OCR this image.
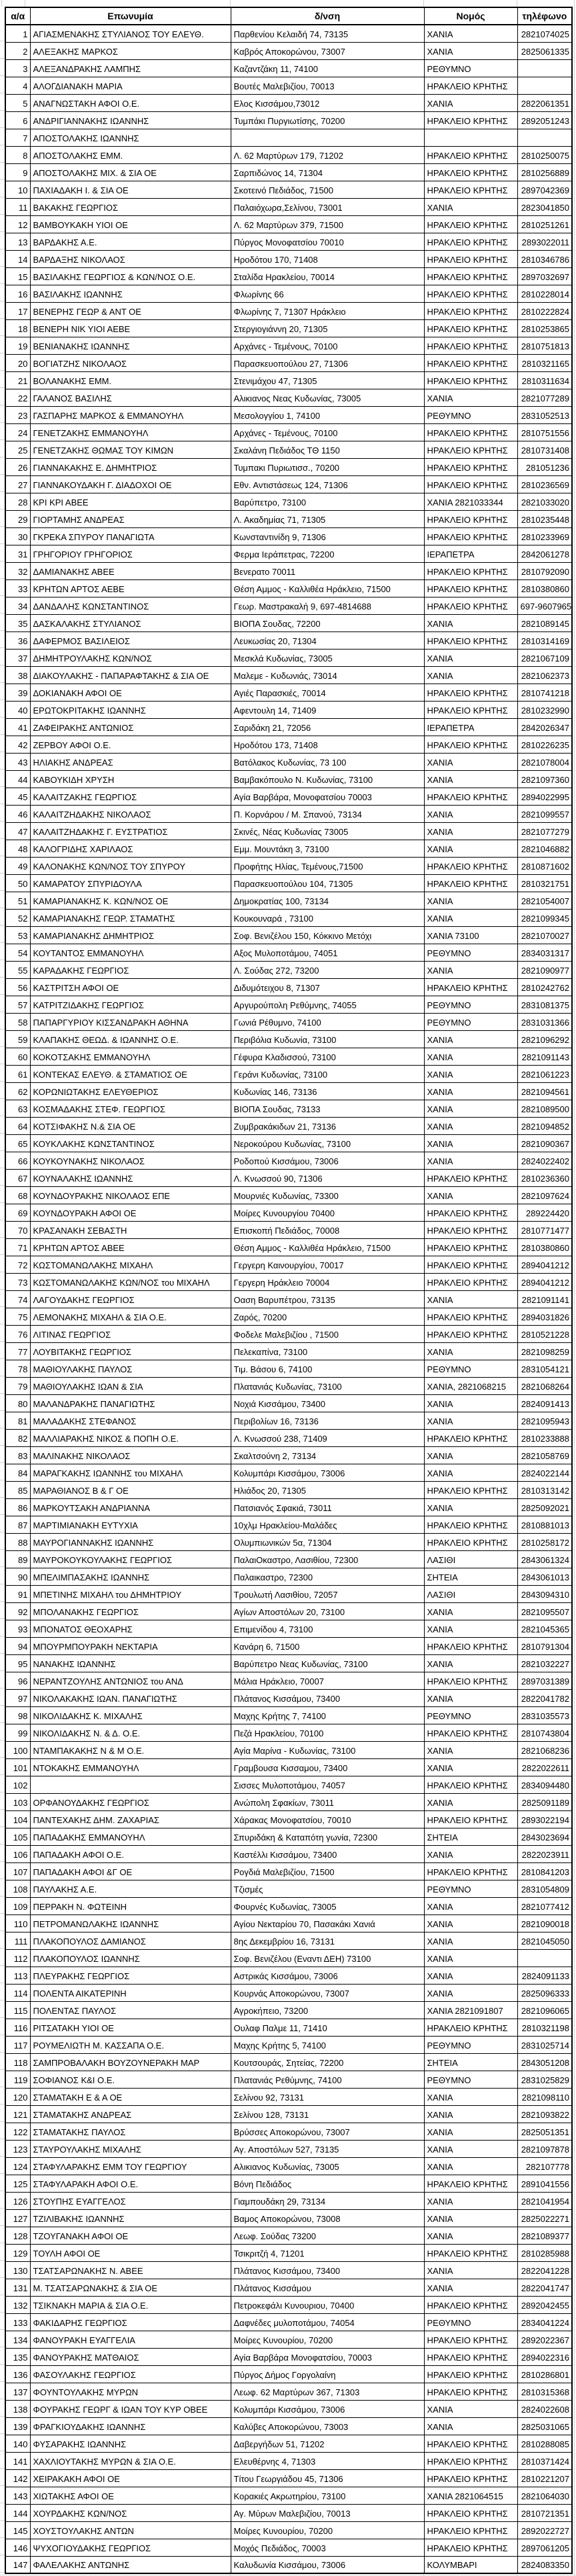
α/α	Επωνυμία	δ/νση	Νομός	τηλέφωνο
1	ΑΓΙΑΣΜΕΝΑΚΗΣ ΣΤΥΛΙΑΝΟΣ ΤΟΥ ΕΛΕΥΘ.	Παρθενίου Κελαιδή 74, 73135	ΧΑΝΙΑ	2821074025
2	ΑΛΕΞΑΚΗΣ ΜΑΡΚΟΣ	Καβρός Αποκορώνου, 73007	ΧΑΝΙΑ	2825061335
3	ΑΛΕΞΑΝΔΡΑΚΗΣ ΛΑΜΠΗΣ	Καζαντζάκη 11, 74100	ΡΕΘΥΜΝΟ	
4	ΑΛΟΓΔΙΑΝΑΚΗ ΜΑΡΙΑ	Βουτές Μαλεβιζίου, 70013	ΗΡΑΚΛΕΙΟ ΚΡΗΤΗΣ	
5	ΑΝΑΓΝΩΣΤΑΚΗ ΑΦΟΙ Ο.Ε.	Ελος Κισσάμου,73012	ΧΑΝΙΑ	2822061351
6	ΑΝΔΡΙΓΙΑΝΝΑΚΗΣ ΙΩΑΝΝΗΣ	Τυμπάκι Πυργιωτίσης, 70200	ΗΡΑΚΛΕΙΟ ΚΡΗΤΗΣ	2892051243
7	ΑΠΟΣΤΟΛΑΚΗΣ ΙΩΑΝΝΗΣ			
8	ΑΠΟΣΤΟΛΑΚΗΣ ΕΜΜ.	Λ. 62 Μαρτύρων 179, 71202	ΗΡΑΚΛΕΙΟ ΚΡΗΤΗΣ	2810250075
9	ΑΠΟΣΤΟΛΑΚΗΣ ΜΙΧ. & ΣΙΑ ΟΕ	Σαρπιδώνος 14, 71304	ΗΡΑΚΛΕΙΟ ΚΡΗΤΗΣ	2810256889
10	ΠΑΧΙΑΔΑΚΗ Ι. & ΣΙΑ ΟΕ	Σκοτεινό Πεδιάδος, 71500	ΗΡΑΚΛΕΙΟ ΚΡΗΤΗΣ	2897042369
11	ΒΑΚΑΚΗΣ ΓΕΩΡΓΙΟΣ	Παλαιόχωρα,Σελίνου, 73001	ΧΑΝΙΑ	2823041850
12	ΒΑΜΒΟΥΚΑΚΗ ΥΙΟΙ ΟΕ	Λ. 62 Μαρτύρων 379, 71500	ΗΡΑΚΛΕΙΟ ΚΡΗΤΗΣ	2810251261
13	ΒΑΡΔΑΚΗΣ Α.Ε.	Πύργος Μονοφατσίου 70010	ΗΡΑΚΛΕΙΟ ΚΡΗΤΗΣ	2893022011
14	ΒΑΡΔΑΞΗΣ ΝΙΚΟΛΑΟΣ	Ηροδότου 170, 71408	ΗΡΑΚΛΕΙΟ ΚΡΗΤΗΣ	2810346786
15	ΒΑΣΙΛΑΚΗΣ ΓΕΩΡΓΙΟΣ & ΚΩΝ/ΝΟΣ Ο.Ε.	Σταλίδα Ηρακλείου, 70014	ΗΡΑΚΛΕΙΟ ΚΡΗΤΗΣ	2897032697
16	ΒΑΣΙΛΑΚΗΣ ΙΩΑΝΝΗΣ	Φλωρίνης 66	ΗΡΑΚΛΕΙΟ ΚΡΗΤΗΣ	2810228014
17	ΒΕΝΕΡΗΣ ΓΕΩΡ & ΑΝΤ ΟΕ	Φλωρίνης 7, 71307 Ηράκλειο	ΗΡΑΚΛΕΙΟ ΚΡΗΤΗΣ	2810222824
18	ΒΕΝΕΡΗ ΝΙΚ ΥΙΟΙ ΑΕΒΕ	Στεργιογιάννη 20, 71305	ΗΡΑΚΛΕΙΟ ΚΡΗΤΗΣ	2810253865
19	ΒΕΝΙΑΝΑΚΗΣ ΙΩΑΝΝΗΣ	Αρχάνες - Τεμένους, 70100	ΗΡΑΚΛΕΙΟ ΚΡΗΤΗΣ	2810751813
20	ΒΟΓΙΑΤΖΗΣ ΝΙΚΟΛΑΟΣ	Παρασκευοπούλου 27, 71306	ΗΡΑΚΛΕΙΟ ΚΡΗΤΗΣ	2810321165
21	ΒΟΛΑΝΑΚΗΣ ΕΜΜ.	Στενιμάχου 47, 71305	ΗΡΑΚΛΕΙΟ ΚΡΗΤΗΣ	2810311634
22	ΓΑΛΑΝΟΣ ΒΑΣΙΛΗΣ	Αλικιανος Νεας Κυδωνίας, 73005	ΧΑΝΙΑ	2821077289
23	ΓΑΣΠΑΡΗΣ ΜΑΡΚΟΣ & ΕΜΜΑΝΟΥΗΛ	Μεσολογγίου 1, 74100	ΡΕΘΥΜΝΟ	2831052513
24	ΓΕΝΕΤΖΑΚΗΣ ΕΜΜΑΝΟΥΗΛ	Αρχάνες - Τεμένους, 70100	ΗΡΑΚΛΕΙΟ ΚΡΗΤΗΣ	2810751556
25	ΓΕΝΕΤΖΑΚΗΣ ΘΩΜΑΣ ΤΟΥ ΚΙΜΩΝ	Σκαλάνη Πεδιάδος ΤΘ 1150	ΗΡΑΚΛΕΙΟ ΚΡΗΤΗΣ	2810731408
26	ΓΙΑΝΝΑΚΑΚΗΣ Ε. ΔΗΜΗΤΡΙΟΣ	Τυμπακι Πυριωτισσ., 70200	ΗΡΑΚΛΕΙΟ ΚΡΗΤΗΣ	281051236
27	ΓΙΑΝΝΑΚΟΥΔΑΚΗ Γ. ΔΙΑΔΟΧΟΙ ΟΕ	Εθν. Αντιστάσεως 124, 71306	ΗΡΑΚΛΕΙΟ ΚΡΗΤΗΣ	2810236569
28	ΚΡΙ ΚΡΙ ΑΒΕΕ	Βαρύπετρο, 73100	ΧΑΝΙΑ 2821033344	2821033020
29	ΓΙΟΡΤΑΜΗΣ ΑΝΔΡΕΑΣ	Λ. Ακαδημίας 71, 71305	ΗΡΑΚΛΕΙΟ ΚΡΗΤΗΣ	2810235448
30	ΓΚΡΕΚΑ ΣΠΥΡΟΥ ΠΑΝΑΓΙΩΤΑ	Κωνσταντινίδη 9, 71306	ΗΡΑΚΛΕΙΟ ΚΡΗΤΗΣ	2810233969
31	ΓΡΗΓΟΡΙΟΥ ΓΡΗΓΟΡΙΟΣ	Φερμα Ιεράπετρας, 72200	ΙΕΡΑΠΕΤΡΑ	2842061278
32	ΔΑΜΙΑΝΑΚΗΣ ΑΒΕΕ	Βενερατο 70011	ΗΡΑΚΛΕΙΟ ΚΡΗΤΗΣ	2810792090
33	ΚΡΗΤΩΝ ΑΡΤΟΣ ΑΕΒΕ	Θέση Αμμος - Καλλιθέα Ηράκλειο, 71500	ΗΡΑΚΛΕΙΟ ΚΡΗΤΗΣ	2810380860
34	ΔΑΝΔΑΛΗΣ ΚΩΝΣΤΑΝΤΙΝΟΣ	Γεωρ. Μαστρακαλή 9, 697-4814688	ΗΡΑΚΛΕΙΟ ΚΡΗΤΗΣ	697-9607965
35	ΔΑΣΚΑΛΑΚΗΣ ΣΤΥΛΙΑΝΟΣ	ΒΙΟΠΑ Σουδας, 72200	ΧΑΝΙΑ	2821089145
36	ΔΑΦΕΡΜΟΣ ΒΑΣΙΛΕΙΟΣ	Λευκωσίας 20, 71304	ΗΡΑΚΛΕΙΟ ΚΡΗΤΗΣ	2810314169
37	ΔΗΜΗΤΡΟΥΛΑΚΗΣ ΚΩΝ/ΝΟΣ	Μεσκλά Κυδωνίας, 73005	ΧΑΝΙΑ	2821067109
38	ΔΙΑΚΟΥΛΑΚΗΣ - ΠΑΠΑΡΑΦΤΑΚΗΣ & ΣΙΑ ΟΕ	Μαλεμε - Κυδωνιάς, 73014	ΧΑΝΙΑ	2821062373
39	ΔΟΚΙΑΝΑΚΗ ΑΦΟΙ ΟΕ	Αγιές Παρασκιές, 70014	ΗΡΑΚΛΕΙΟ ΚΡΗΤΗΣ	2810741218
40	ΕΡΩΤΟΚΡΙΤΑΚΗΣ ΙΩΑΝΝΗΣ	Αφεντουλη 14, 71409	ΗΡΑΚΛΕΙΟ ΚΡΗΤΗΣ	2810232990
41	ΖΑΦΕΙΡΑΚΗΣ ΑΝΤΩΝΙΟΣ	Σαριδάκη 21, 72056	ΙΕΡΑΠΕΤΡΑ	2842026347
42	ΖΕΡΒΟΥ ΑΦΟΙ Ο.Ε.	Ηροδότου 173, 71408	ΗΡΑΚΛΕΙΟ ΚΡΗΤΗΣ	2810226235
43	ΗΛΙΑΚΗΣ ΑΝΔΡΕΑΣ	Βατόλακος Κυδωνίας, 73 100	ΧΑΝΙΑ	2821078004
44	ΚΑΒΟΥΚΙΔΗ ΧΡΥΣΗ	Βαμβακόπουλο Ν. Κυδωνίας, 73100	ΧΑΝΙΑ	2821097360
45	ΚΑΛΑΙΤΖΑΚΗΣ ΓΕΩΡΓΙΟΣ	Αγία Βαρβάρα, Μονοφατσίου 70003	ΗΡΑΚΛΕΙΟ ΚΡΗΤΗΣ	2894022995
46	ΚΑΛΑΙΤΖΗΔΑΚΗΣ ΝΙΚΟΛΑΟΣ	Π. Κορνάρου / Μ. Σπανού, 73134	ΧΑΝΙΑ	2821099557
47	ΚΑΛΑΙΤΖΗΔΑΚΗΣ Γ. ΕΥΣΤΡΑΤΙΟΣ	Σκινές, Νέας Κυδωνίας 73005	ΧΑΝΙΑ	2821077279
48	ΚΑΛΟΓΡΙΔΗΣ ΧΑΡΙΛΑΟΣ	Εμμ. Μουντάκη 3, 73100	ΧΑΝΙΑ	2821046882
49	ΚΑΛΟΝΑΚΗΣ ΚΩΝ/ΝΟΣ ΤΟΥ ΣΠΥΡΟΥ	Προφήτης Ηλίας, Τεμένους,71500	ΗΡΑΚΛΕΙΟ ΚΡΗΤΗΣ	2810871602
50	ΚΑΜΑΡΑΤΟΥ ΣΠΥΡΙΔΟΥΛΑ	Παρασκευοπούλου 104, 71305	ΗΡΑΚΛΕΙΟ ΚΡΗΤΗΣ	2810321751
51	ΚΑΜΑΡΙΑΝΑΚΗΣ Κ. ΚΩΝ/ΝΟΣ ΟΕ	Δημοκρατίας 100, 73134	ΧΑΝΙΑ	2821054007
52	ΚΑΜΑΡΙΑΝΑΚΗΣ ΓΕΩΡ. ΣΤΑΜΑΤΗΣ	Κουκουναρά , 73100	ΧΑΝΙΑ	2821099345
53	ΚΑΜΑΡΙΑΝΑΚΗΣ ΔΗΜΗΤΡΙΟΣ	Σοφ. Βενιζέλου 150, Κόκκινο Μετόχι	ΧΑΝΙΑ 73100	2821070027
54	ΚΟΥΤΑΝΤΟΣ ΕΜΜΑΝΟΥΗΛ	Αξος Μυλοποτάμου, 74051	ΡΕΘΥΜΝΟ	2834031317
55	ΚΑΡΑΔΑΚΗΣ ΓΕΩΡΓΙΟΣ	Λ. Σούδας 272, 73200	ΧΑΝΙΑ	2821090977
56	ΚΑΣΤΡΙΤΣΗ ΑΦΟΙ ΟΕ	Διδυμότειχου 8, 71307	ΗΡΑΚΛΕΙΟ ΚΡΗΤΗΣ	2810242762
57	ΚΑΤΡΙΤΖΙΔΑΚΗΣ ΓΕΩΡΓΙΟΣ	Αργυρούπολη Ρεθύμνης, 74055	ΡΕΘΥΜΝΟ	2831081375
58	ΠΑΠΑΡΓΥΡΙΟΥ ΚΙΣΣΑΝΔΡΑΚΗ ΑΘΗΝΑ	Γωνιά Ρέθυμνο, 74100	ΡΕΘΥΜΝΟ	2831031366
59	ΚΛΑΠΑΚΗΣ ΘΕΩΔ. & ΙΩΑΝΝΗΣ Ο.Ε.	Περιβόλια Κυδωνία, 73100	ΧΑΝΙΑ	2821096292
60	ΚΟΚΟΤΣΑΚΗΣ ΕΜΜΑΝΟΥΗΛ	Γέφυρα Κλαδισσού, 73100	ΧΑΝΙΑ	2821091143
61	ΚΟΝΤΕΚΑΣ ΕΛΕΥΘ. & ΣΤΑΜΑΤΙΟΣ ΟΕ	Γεράνι Κυδωνίας, 73100	ΧΑΝΙΑ	2821061223
62	ΚΟΡΩΝΙΩΤΑΚΗΣ ΕΛΕΥΘΕΡΙΟΣ	Κυδωνίας 146, 73136	ΧΑΝΙΑ	2821094561
63	ΚΟΣΜΑΔΑΚΗΣ ΣΤΕΦ. ΓΕΩΡΓΙΟΣ	ΒΙΟΠΑ Σουδας, 73133	ΧΑΝΙΑ	2821089500
64	ΚΟΤΣΙΦΑΚΗΣ Ν.& ΣΙΑ ΟΕ	Ζυμβρακάκιδων 21, 73136	ΧΑΝΙΑ	2821094852
65	ΚΟΥΚΛΑΚΗΣ ΚΩΝΣΤΑΝΤΙΝΟΣ	Νεροκούρου Κυδωνίας, 73100	ΧΑΝΙΑ	2821090367
66	ΚΟΥΚΟΥΝΑΚΗΣ ΝΙΚΟΛΑΟΣ	Ροδοπού Κισσάμου, 73006	ΧΑΝΙΑ	2824022402
67	ΚΟΥΝΑΛΑΚΗΣ ΙΩΑΝΝΗΣ	Λ. Κνωσσού 90, 71306	ΗΡΑΚΛΕΙΟ ΚΡΗΤΗΣ	2810236360
68	ΚΟΥΝΔΟΥΡΑΚΗΣ ΝΙΚΟΛΑΟΣ ΕΠΕ	Μουρνιές Κυδωνίας, 73300	ΧΑΝΙΑ	2821097624
69	ΚΟΥΝΔΟΥΡΑΚΗ ΑΦΟΙ ΟΕ	Μοίρες Κυνουργίου 70400	ΗΡΑΚΛΕΙΟ ΚΡΗΤΗΣ	289224420
70	ΚΡΑΣΑΝΑΚΗ ΣΕΒΑΣΤΗ	Επισκοπή Πεδιάδος, 70008	ΗΡΑΚΛΕΙΟ ΚΡΗΤΗΣ	2810771477
71	ΚΡΗΤΩΝ ΑΡΤΟΣ ΑΒΕΕ	Θέση Αμμος - Καλλιθέα Ηράκλειο, 71500	ΗΡΑΚΛΕΙΟ ΚΡΗΤΗΣ	2810380860
72	ΚΩΣΤΟΜΑΝΩΛΑΚΗΣ ΜΙΧΑΗΛ	Γεργερη Καινουργίου, 70017	ΗΡΑΚΛΕΙΟ ΚΡΗΤΗΣ	2894041212
73	ΚΩΣΤΟΜΑΝΩΛΑΚΗΣ ΚΩΝ/ΝΟΣ του ΜΙΧΑΗΛ	Γεργερη Ηράκλειο 70004	ΗΡΑΚΛΕΙΟ ΚΡΗΤΗΣ	2894041212
74	ΛΑΓΟΥΔΑΚΗΣ ΓΕΩΡΓΙΟΣ	Οαση Βαρυπέτρου, 73135	ΧΑΝΙΑ	2821091141
75	ΛΕΜΟΝΑΚΗΣ ΜΙΧΑΗΛ & ΣΙΑ Ο.Ε.	Ζαρός, 70200	ΗΡΑΚΛΕΙΟ ΚΡΗΤΗΣ	2894031826
76	ΛΙΤΙΝΑΣ ΓΕΩΡΓΙΟΣ	Φοδελε Μαλεβιζίου , 71500	ΗΡΑΚΛΕΙΟ ΚΡΗΤΗΣ	2810521228
77	ΛΟΥΒΙΤΑΚΗΣ ΓΕΩΡΓΙΟΣ	Πελεκαπίνα, 73100	ΧΑΝΙΑ	2821098259
78	ΜΑΘΙΟΥΛΑΚΗΣ ΠΑΥΛΟΣ	Τιμ. Βάσου 6, 74100	ΡΕΘΥΜΝΟ	2831054121
79	ΜΑΘΙΟΥΛΑΚΗΣ ΙΩΑΝ & ΣΙΑ	Πλατανιάς Κυδωνίας, 73100	ΧΑΝΙΑ, 2821068215	2821068264
80	ΜΑΛΑΝΔΡΑΚΗΣ ΠΑΝΑΓΙΩΤΗΣ	Νοχιά Κισσάμου, 73400	ΧΑΝΙΑ	2824091413
81	ΜΑΛΑΔΑΚΗΣ ΣΤΕΦΑΝΟΣ	Περιβολίων 16, 73136	ΧΑΝΙΑ	2821095943
82	ΜΑΛΛΙΑΡΑΚΗΣ ΝΙΚΟΣ & ΠΟΠΗ Ο.Ε.	Λ. Κνωσσού 238, 71409	ΗΡΑΚΛΕΙΟ ΚΡΗΤΗΣ	2810233888
83	ΜΑΛΙΝΑΚΗΣ ΝΙΚΟΛΑΟΣ	Σκαλτσούνη 2, 73134	ΧΑΝΙΑ	2821058769
84	ΜΑΡΑΓΚΑΚΗΣ ΙΩΑΝΝΗΣ του ΜΙΧΑΗΛ	Κολυμπάρι Κισσάμου, 73006	ΧΑΝΙΑ	2824022144
85	ΜΑΡΑΘΙΑΝΟΣ Β & Γ ΟΕ	Ηλιάδος 20, 71305	ΗΡΑΚΛΕΙΟ ΚΡΗΤΗΣ	2810313142
86	ΜΑΡΚΟΥΤΣΑΚΗ ΑΝΔΡΙΑΝΝΑ	Πατσιανός Σφακιά, 73011	ΧΑΝΙΑ	2825092021
87	ΜΑΡΤΙΜΙΑΝΑΚΗ ΕΥΤΥΧΙΑ	10χλμ Ηρακλείου-Μαλάδες	ΗΡΑΚΛΕΙΟ ΚΡΗΤΗΣ	2810881013
88	ΜΑΥΡΟΓΙΑΝΝΑΚΗΣ ΙΩΑΝΝΗΣ	Ολυμπιωνικών 5α, 71304	ΗΡΑΚΛΕΙΟ ΚΡΗΤΗΣ	2810258172
89	ΜΑΥΡΟΚΟΥΚΟΥΛΑΚΗΣ ΓΕΩΡΓΙΟΣ	ΠαλαιΟκαστρο, Λασιθίου, 72300	ΛΑΣΙΘΙ	2843061324
90	ΜΠΕΛΙΜΠΑΣΑΚΗΣ ΙΩΑΝΝΗΣ	Παλαικαστρο, 72300	ΣΗΤΕΙΑ	2843061013
91	ΜΠΕΤΙΝΗΣ ΜΙΧΑΗΛ του ΔΗΜΗΤΡΙΟΥ	Τρουλωτή Λασιθίου, 72057	ΛΑΣΙΘΙ	2843094310
92	ΜΠΟΛΑΝΑΚΗΣ ΓΕΩΡΓΙΟΣ	Αγίων Αποστόλων 20, 73100	ΧΑΝΙΑ	2821095507
93	ΜΠΟΝΑΤΟΣ ΘΕΟΧΑΡΗΣ	Επιμενίδου 4, 73100	ΧΑΝΙΑ	2821045365
94	ΜΠΟΥΡΜΠΟΥΡΑΚΗ ΝΕΚΤΑΡΙΑ	Κανάρη 6, 71500	ΗΡΑΚΛΕΙΟ ΚΡΗΤΗΣ	2810791304
95	ΝΑΝΑΚΗΣ ΙΩΑΝΝΗΣ	Βαρύπετρο Νεας Κυδωνίας, 73100	ΧΑΝΙΑ	2821032227
96	ΝΕΡΑΝΤΖΟΥΛΗΣ ΑΝΤΩΝΙΟΣ του ΑΝΔ	Μάλια Ηράκλειο, 70007	ΗΡΑΚΛΕΙΟ ΚΡΗΤΗΣ	2897031389
97	ΝΙΚΟΛΑΚΑΚΗΣ ΙΩΑΝ. ΠΑΝΑΓΙΩΤΗΣ	Πλάτανος Κισσάμου, 73400	ΧΑΝΙΑ	2822041782
98	ΝΙΚΟΛΙΔΑΚΗΣ Κ. ΜΙΧΑΛΗΣ	Μαχης Κρήτης 7, 74100	ΡΕΘΥΜΝΟ	2831035573
99	ΝΙΚΟΛΙΔΑΚΗΣ Ν. & Δ. Ο.Ε.	Πεζά Ηρακλείου, 70100	ΗΡΑΚΛΕΙΟ ΚΡΗΤΗΣ	2810743804
100	ΝΤΑΜΠΑΚΑΚΗΣ Ν & Μ Ο.Ε.	Αγία Μαρίνα - Κυδωνίας, 73100	ΧΑΝΙΑ	2821068236
101	ΝΤΟΚΑΚΗΣ ΕΜΜΑΝΟΥΗΛ	Γραμβουσα Κισσαμου, 73400	ΧΑΝΙΑ	2822022611
102		Σισσες Μυλοποτάμου, 74057	ΗΡΑΚΛΕΙΟ ΚΡΗΤΗΣ	2834094480
103	ΟΡΦΑΝΟΥΔΑΚΗΣ ΓΕΩΡΓΙΟΣ	Ανώπολη Σφακίων, 73011	ΧΑΝΙΑ	2825091189
104	ΠΑΝΤΕΧΑΚΗΣ ΔΗΜ. ΖΑΧΑΡΙΑΣ	Χάρακας Μονοφατσίου, 70010	ΗΡΑΚΛΕΙΟ ΚΡΗΤΗΣ	2893022194
105	ΠΑΠΑΔΑΚΗΣ ΕΜΜΑΝΟΥΗΛ	Σπυριδάκη & Καταπότη γωνία, 72300	ΣΗΤΕΙΑ	2843023694
106	ΠΑΠΑΔΑΚΗ ΑΦΟΙ Ο.Ε.	Καστέλλι Κισσάμου, 73400	ΧΑΝΙΑ	2822023911
107	ΠΑΠΑΔΑΚΗ ΑΦΟΙ &Γ ΟΕ	Ρογδιά Μαλεβιζίου, 71500	ΗΡΑΚΛΕΙΟ ΚΡΗΤΗΣ	2810841203
108	ΠΑΥΛΑΚΗΣ Α.Ε.	Τζισμές	ΡΕΘΥΜΝΟ	2831054809
109	ΠΕΡΡΑΚΗ Ν. ΦΩΤΕΙΝΗ	Φουρνές Κυδωνίας, 73005	ΧΑΝΙΑ	2821077412
110	ΠΕΤΡΟΜΑΝΩΛΑΚΗΣ ΙΩΑΝΝΗΣ	Αγίου Νεκταρίου 70, Πασακάκι Χανιά	ΧΑΝΙΑ	2821090018
111	ΠΛΑΚΟΠΟΥΛΟΣ ΔΑΜΙΑΝΟΣ	8ης Δεκεμβρίου 16, 73131	ΧΑΝΙΑ	2821045050
112	ΠΛΑΚΟΠΟΥΛΟΣ ΙΩΑΝΝΗΣ	Σοφ. Βενιζέλου (Εναντι ΔΕΗ) 73100	ΧΑΝΙΑ	
113	ΠΛΕΥΡΑΚΗΣ ΓΕΩΡΓΙΟΣ	Αστρικάς Κισσάμου, 73006	ΧΑΝΙΑ	2824091133
114	ΠΟΛΕΝΤΑ ΑΙΚΑΤΕΡΙΝΗ	Κουρνάς Αποκορώνου, 73007	ΧΑΝΙΑ	2825096333
115	ΠΟΛΕΝΤΑΣ ΠΑΥΛΟΣ	Αγροκήπειο, 73200	ΧΑΝΙΑ 2821091807	2821096065
116	ΡΙΤΣΑΤΑΚΗ ΥΙΟΙ ΟΕ	Ουλαφ Παλμε 11, 71410	ΗΡΑΚΛΕΙΟ ΚΡΗΤΗΣ	2810321198
117	ΡΟΥΜΕΛΙΩΤΗ Μ. ΚΑΣΣΑΠΑ Ο.Ε.	Μαχης Κρήτης 5, 74100	ΡΕΘΥΜΝΟ	2831025714
118	ΣΑΜΠΡΟΒΑΛΑΚΗ ΒΟΥΖΟΥΝΕΡΑΚΗ ΜΑΡ	Κουτσουράς, Σητείας, 72200	ΣΗΤΕΙΑ	2843051208
119	ΣΟΦΙΑΝΟΣ Κ&Ι Ο.Ε.	Πλατανιάς Ρεθύμνης, 74100	ΡΕΘΥΜΝΟ	2831025829
120	ΣΤΑΜΑΤΑΚΗ Ε & Α ΟΕ	Σελίνου 92, 73131	ΧΑΝΙΑ	2821098110
121	ΣΤΑΜΑΤΑΚΗΣ ΑΝΔΡΕΑΣ	Σελίνου 128, 73131	ΧΑΝΙΑ	2821093822
122	ΣΤΑΜΑΤΑΚΗΣ ΠΑΥΛΟΣ	Βρύσσες Αποκορώνου, 73007	ΧΑΝΙΑ	2825051351
123	ΣΤΑΥΡΟΥΛΑΚΗΣ ΜΙΧΑΛΗΣ	Αγ. Αποστόλων 527, 73135	ΧΑΝΙΑ	2821097878
124	ΣΤΑΦΥΛΑΡΑΚΗΣ ΕΜΜ ΤΟΥ ΓΕΩΡΓΙΟΥ	Αλικιανος Κυδωνίας, 73005	ΧΑΝΙΑ	282107778
125	ΣΤΑΦΥΛΑΡΑΚΗ ΑΦΟΙ Ο.Ε.	Βόνη Πεδιάδος	ΗΡΑΚΛΕΙΟ ΚΡΗΤΗΣ	2891041556
126	ΣΤΟΥΠΗΣ ΕΥΑΓΓΕΛΟΣ	Γιαμπουδάκη 29, 73134	ΧΑΝΙΑ	2821041954
127	ΤΖΙΛΙΒΑΚΗΣ ΙΩΑΝΝΗΣ	Βαμος Αποκορώνου, 73008	ΧΑΝΙΑ	2825022271
128	ΤΖΟΥΓΑΝΑΚΗ ΑΦΟΙ ΟΕ	Λεωφ. Σούδας 73200	ΧΑΝΙΑ	2821089377
129	ΤΟΥΛΗ ΑΦΟΙ ΟΕ	Τσικριτζή 4, 71201	ΗΡΑΚΛΕΙΟ ΚΡΗΤΗΣ	2810285988
130	ΤΣΑΤΣΑΡΩΝΑΚΗΣ Ν. ΑΒΕΕ	Πλάτανος Κισσάμου, 73400	ΧΑΝΙΑ	2822041228
131	Μ. ΤΣΑΤΣΑΡΩΝΑΚΗΣ & ΣΙΑ ΟΕ	Πλάτανος Κισσάμου	ΧΑΝΙΑ	2822041747
132	ΤΣΙΚΝΑΚΗ ΜΑΡΙΑ & ΣΙΑ Ο.Ε.	Πετροκεφάλι Κυνουριου, 70400	ΗΡΑΚΛΕΙΟ ΚΡΗΤΗΣ	2892042455
133	ΦΑΚΙΔΑΡΗΣ ΓΕΩΡΓΙΟΣ	Δαφνέδες μυλοποτάμου, 74054	ΡΕΘΥΜΝΟ	2834041224
134	ΦΑΝΟΥΡΑΚΗ ΕΥΑΓΓΕΛΙΑ	Μοίρες Κυνουρίου, 70200	ΗΡΑΚΛΕΙΟ ΚΡΗΤΗΣ	2892022367
135	ΦΑΝΟΥΡΑΚΗΣ ΜΑΤΘΑΙΟΣ	Αγία Βαρβάρα Μονοφατσίου, 70003	ΗΡΑΚΛΕΙΟ ΚΡΗΤΗΣ	2894022316
136	ΦΑΣΟΥΛΑΚΗΣ ΓΕΩΡΓΙΟΣ	Πύργος Δήμος Γοργολαίνη	ΗΡΑΚΛΕΙΟ ΚΡΗΤΗΣ	2810286801
137	ΦΟΥΝΤΟΥΛΑΚΗΣ ΜΥΡΩΝ	Λεωφ. 62 Μαρτύρων 367, 71303	ΗΡΑΚΛΕΙΟ ΚΡΗΤΗΣ	2810315368
138	ΦΟΥΡΑΚΗΣ ΓΕΩΡΓ & ΙΩΑΝ ΤΟΥ ΚΥΡ ΟΒΕΕ	Κολυμπάρι Κισσάμου, 73006	ΧΑΝΙΑ	2824022608
139	ΦΡΑΓΚΙΟΥΔΑΚΗΣ ΙΩΑΝΝΗΣ	Καλύβες Αποκορώνου, 73003	ΧΑΝΙΑ	2825031065
140	ΦΥΣΑΡΑΚΗΣ ΙΩΑΝΝΗΣ	Δαβεργήδων 51, 71202	ΗΡΑΚΛΕΙΟ ΚΡΗΤΗΣ	2810288085
141	ΧΑΧΛΙΟΥΤΑΚΗΣ ΜΥΡΩΝ & ΣΙΑ Ο.Ε.	Ελευθέρνης 4, 71303	ΗΡΑΚΛΕΙΟ ΚΡΗΤΗΣ	2810371424
142	ΧΕΙΡΑΚΑΚΗ ΑΦΟΙ ΟΕ	Τίτου Γεωργιάδου 45, 71306	ΗΡΑΚΛΕΙΟ ΚΡΗΤΗΣ	2810221207
143	ΧΙΩΤΑΚΗΣ ΑΦΟΙ ΟΕ	Κορακιές Ακρωτηρίου, 73100	ΧΑΝΙΑ 2821064515	2821064030
144	ΧΟΥΡΔΑΚΗΣ ΚΩΝ/ΝΟΣ	Αγ. Μύρων Μαλεβιζίου, 70013	ΗΡΑΚΛΕΙΟ ΚΡΗΤΗΣ	2810721351
145	ΧΟΥΣΤΟΥΛΑΚΗΣ ΑΝΤΩΝ	Μοίρες Κυνουρίου, 70200	ΗΡΑΚΛΕΙΟ ΚΡΗΤΗΣ	2892022727
146	ΨΥΧΟΓΙΟΥΔΑΚΗΣ ΓΕΩΡΓΙΟΣ	Μοχός Πεδιάδος, 70003	ΗΡΑΚΛΕΙΟ ΚΡΗΤΗΣ	2897061205
147	ΦΑΛΕΛΑΚΗΣ ΑΝΤΩΝΗΣ	Καλυδωνία Κισσάμου, 73006	ΚΟΛΥΜΒΑΡΙ	2824083350
